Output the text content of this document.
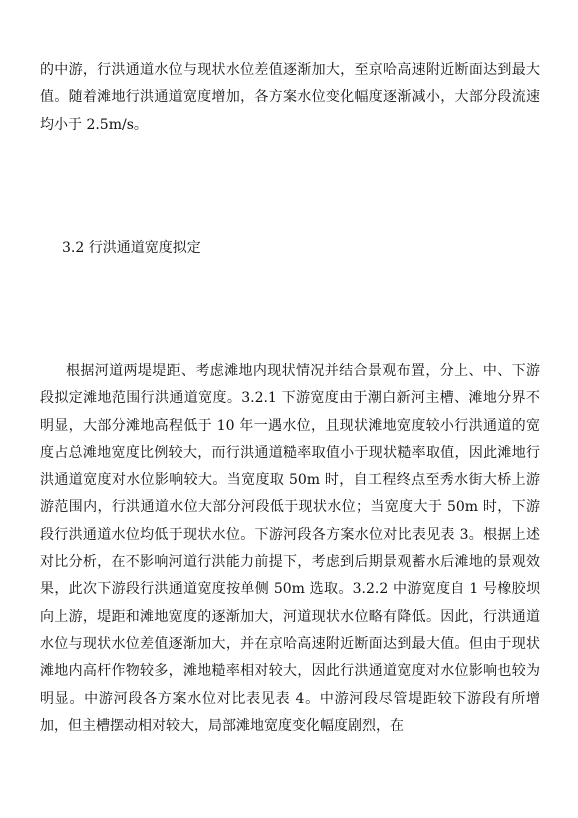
的中游，行洪通道水位与现状水位差值逐渐加大，至京哈高速附近断面达到最大值。随着滩地行洪通道宽度增加，各方案水位变化幅度逐渐减小，大部分段流速均小于 2.5m/s。

3.2 行洪通道宽度拟定

根据河道两堤堤距、考虑滩地内现状情况并结合景观布置，分上、中、下游段拟定滩地范围行洪通道宽度。3.2.1 下游宽度由于潮白新河主槽、滩地分界不明显，大部分滩地高程低于 10 年一遇水位，且现状滩地宽度较小行洪通道的宽度占总滩地宽度比例较大，而行洪通道糙率取值小于现状糙率取值，因此滩地行洪通道宽度对水位影响较大。当宽度取 50m 时，自工程终点至秀水街大桥上游游范围内，行洪通道水位大部分河段低于现状水位；当宽度大于 50m 时，下游段行洪通道水位均低于现状水位。下游河段各方案水位对比表见表 3。根据上述对比分析，在不影响河道行洪能力前提下，考虑到后期景观蓄水后滩地的景观效果，此次下游段行洪通道宽度按单侧 50m 选取。3.2.2 中游宽度自 1 号橡胶坝向上游，堤距和滩地宽度的逐渐加大，河道现状水位略有降低。因此，行洪通道水位与现状水位差值逐渐加大，并在京哈高速附近断面达到最大值。但由于现状滩地内高杆作物较多，滩地糙率相对较大，因此行洪通道宽度对水位影响也较为明显。中游河段各方案水位对比表见表 4。中游河段尽管堤距较下游段有所增加，但主槽摆动相对较大，局部滩地宽度变化幅度剧烈，在
